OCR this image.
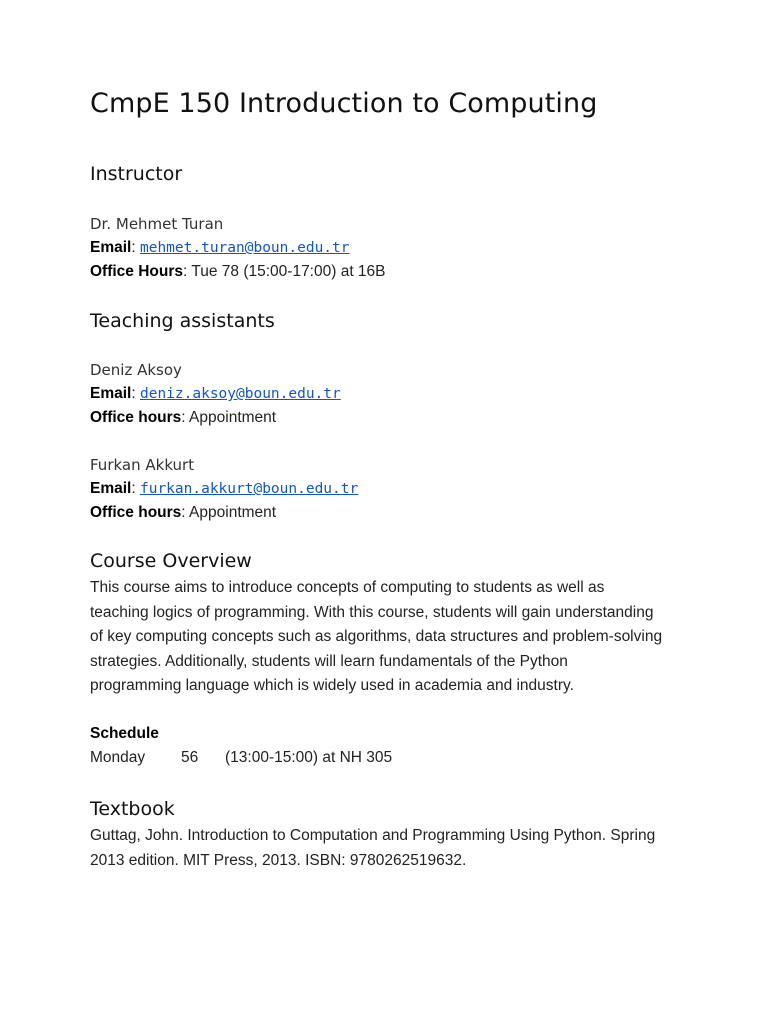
CmpE 150 Introduction to Computing
Instructor
Dr. Mehmet Turan
Email: mehmet.turan@boun.edu.tr
Office Hours: Tue 78 (15:00-17:00) at 16B
Teaching assistants
Deniz Aksoy
Email: deniz.aksoy@boun.edu.tr
Office hours: Appointment
Furkan Akkurt
Email: furkan.akkurt@boun.edu.tr
Office hours: Appointment
Course Overview
This course aims to introduce concepts of computing to students as well as
teaching logics of programming. With this course, students will gain understanding
of key computing concepts such as algorithms, data structures and problem-solving
strategies. Additionally, students will learn fundamentals of the Python
programming language which is widely used in academia and industry.
Schedule
Monday 56 (13:00-15:00) at NH 305
Textbook
Guttag, John. Introduction to Computation and Programming Using Python. Spring
2013 edition. MIT Press, 2013. ISBN: 9780262519632.
